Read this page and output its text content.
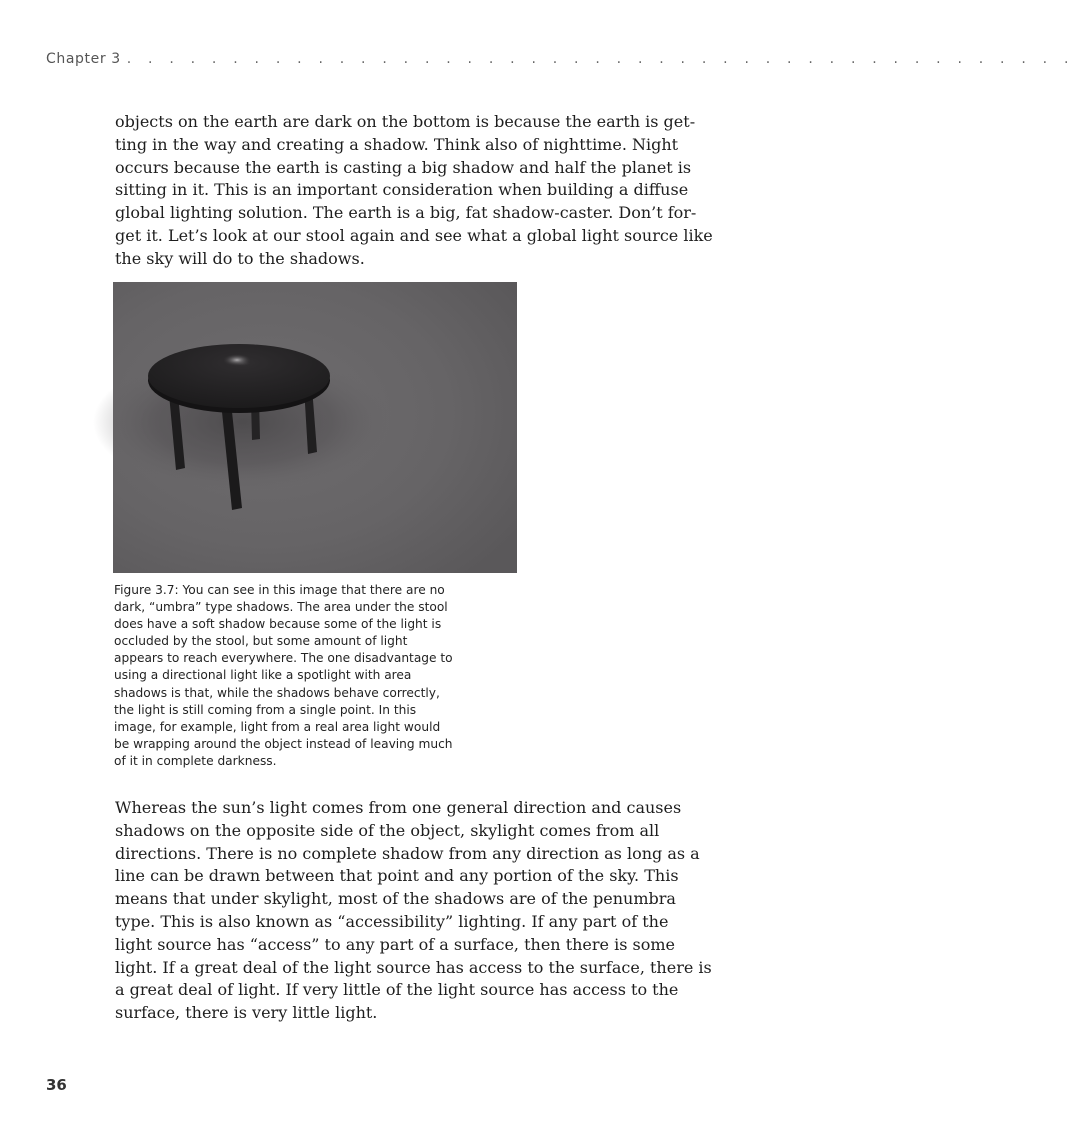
Chapter 3 . . . . . . . . . . . . . . . . . . . . . . . . . . . . . . . . . . . . . . . . . . . . .

objects on the earth are dark on the bottom is because the earth is get-
ting in the way and creating a shadow. Think also of nighttime. Night
occurs because the earth is casting a big shadow and half the planet is
sitting in it. This is an important consideration when building a diffuse
global lighting solution. The earth is a big, fat shadow-caster. Don’t for-
get it. Let’s look at our stool again and see what a global light source like
the sky will do to the shadows.

Figure 3.7: You can see in this image that there are no
dark, “umbra” type shadows. The area under the stool
does have a soft shadow because some of the light is
occluded by the stool, but some amount of light
appears to reach everywhere. The one disadvantage to
using a directional light like a spotlight with area
shadows is that, while the shadows behave correctly,
the light is still coming from a single point. In this
image, for example, light from a real area light would
be wrapping around the object instead of leaving much
of it in complete darkness.

Whereas the sun’s light comes from one general direction and causes
shadows on the opposite side of the object, skylight comes from all
directions. There is no complete shadow from any direction as long as a
line can be drawn between that point and any portion of the sky. This
means that under skylight, most of the shadows are of the penumbra
type. This is also known as “accessibility” lighting. If any part of the
light source has “access” to any part of a surface, then there is some
light. If a great deal of the light source has access to the surface, there is
a great deal of light. If very little of the light source has access to the
surface, there is very little light.

36
